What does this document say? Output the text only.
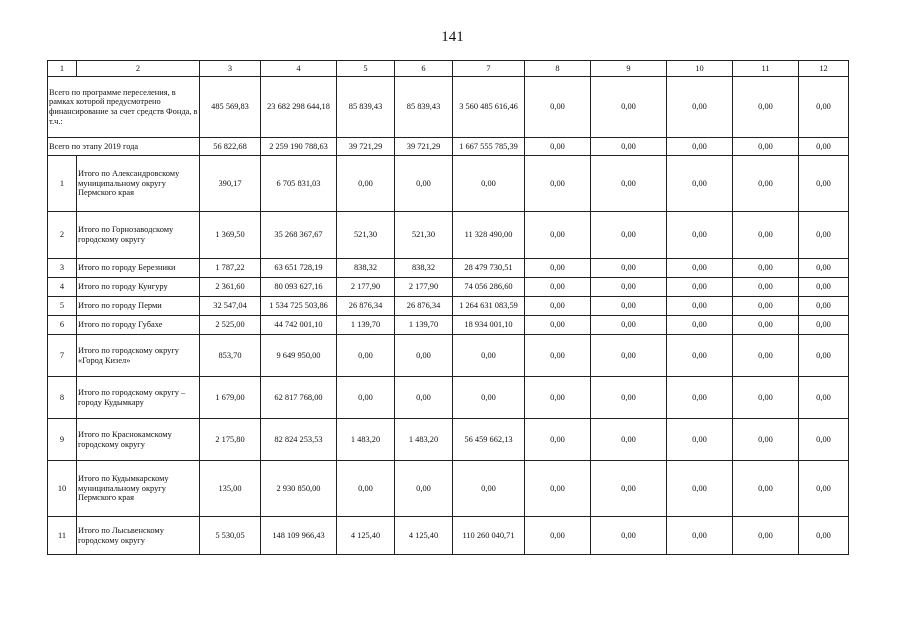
141
1	2	3	4	5	6	7	8	9	10	11	12
Всего по программе переселения, в рамках которой предусмотрено финансирование за счет средств Фонда, в т.ч.:		485 569,83	23 682 298 644,18	85 839,43	85 839,43	3 560 485 616,46	0,00	0,00	0,00	0,00	0,00
Всего по этапу 2019 года		56 822,68	2 259 190 788,63	39 721,29	39 721,29	1 667 555 785,39	0,00	0,00	0,00	0,00	0,00
1	Итого по Александровскому муниципальному округу Пермского края	390,17	6 705 831,03	0,00	0,00	0,00	0,00	0,00	0,00	0,00	0,00
2	Итого по Горнозаводскому городскому округу	1 369,50	35 268 367,67	521,30	521,30	11 328 490,00	0,00	0,00	0,00	0,00	0,00
3	Итого по городу Березники	1 787,22	63 651 728,19	838,32	838,32	28 479 730,51	0,00	0,00	0,00	0,00	0,00
4	Итого по городу Кунгуру	2 361,60	80 093 627,16	2 177,90	2 177,90	74 056 286,60	0,00	0,00	0,00	0,00	0,00
5	Итого по городу Перми	32 547,04	1 534 725 503,86	26 876,34	26 876,34	1 264 631 083,59	0,00	0,00	0,00	0,00	0,00
6	Итого по городу Губахе	2 525,00	44 742 001,10	1 139,70	1 139,70	18 934 001,10	0,00	0,00	0,00	0,00	0,00
7	Итого по городскому округу «Город Кизел»	853,70	9 649 950,00	0,00	0,00	0,00	0,00	0,00	0,00	0,00	0,00
8	Итого по городскому округу – городу Кудымкару	1 679,00	62 817 768,00	0,00	0,00	0,00	0,00	0,00	0,00	0,00	0,00
9	Итого по Краснокамскому городскому округу	2 175,80	82 824 253,53	1 483,20	1 483,20	56 459 662,13	0,00	0,00	0,00	0,00	0,00
10	Итого по Кудымкарскому муниципальному округу Пермского края	135,00	2 930 850,00	0,00	0,00	0,00	0,00	0,00	0,00	0,00	0,00
11	Итого по Лысьвенскому городскому округу	5 530,05	148 109 966,43	4 125,40	4 125,40	110 260 040,71	0,00	0,00	0,00	0,00	0,00
